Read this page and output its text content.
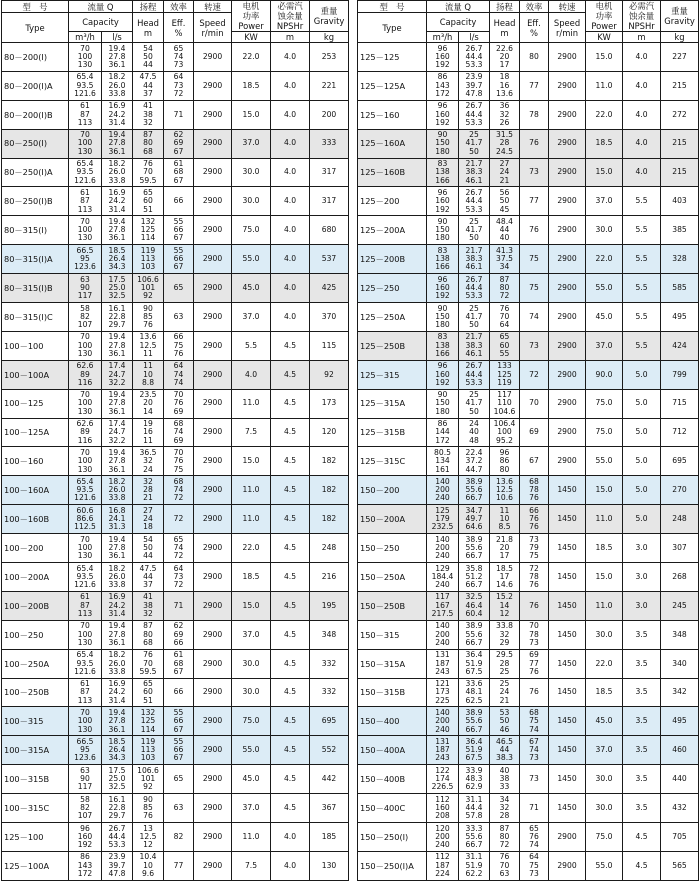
型　号	流量 Q		扬程	效率	转速	电机
功率
Power	必需汽
蚀余量
NPSHr	重量
Gravity

Type	Capacity		Head
m	Eff.
%	Speed
r/min			

	m³/h	l/s				KW	m	kg

80－200(I)	70
100
130	19.4
27.8
36.1	54
50
44	65
74
73	2900	22.0	4.0	253

80－200(I)A	65.4
93.5
121.6	18.2
26.0
33.8	47.5
44
37	64
73
72	2900	18.5	4.0	221

80－200(I)B	61
87
113	16.9
24.2
31.4	41
38
32	71	2900	15.0	4.0	200

80－250(I)	70
100
130	19.4
27.8
36.1	87
80
68	62
69
67	2900	37.0	4.0	333

80－250(I)A	65.4
93.5
121.6	18.2
26.0
33.8	76
70
59.5	61
68
67	2900	30.0	4.0	317

80－250(I)B	61
87
113	16.9
24.2
31.4	65
60
51	66	2900	30.0	4.0	317

80－315(I)	70
100
130	19.4
27.8
36.1	132
125
114	55
66
67	2900	75.0	4.0	680

80－315(I)A	66.5
95
123.6	18.5
26.4
34.3	119
113
103	55
66
67	2900	55.0	4.0	537

80－315(I)B	63
90
117	17.5
25.0
32.5	106.6
101
92	65	2900	45.0	4.0	425

80－315(I)C	58
82
107	16.1
22.8
29.7	90
85
76	63	2900	37.0	4.0	370

100－100	70
100
130	19.4
27.8
36.1	13.6
12.5
11	66
75
76	2900	5.5	4.5	115

100－100A	62.6
89
116	17.4
24.7
32.2	11
10
8.8	64
74
74	2900	4.0	4.5	92

100－125	70
100
130	19.4
27.8
36.1	23.5
20
14	70
76
69	2900	11.0	4.5	173

100－125A	62.6
89
116	17.4
24.7
32.2	19
16
11	68
74
69	2900	7.5	4.5	120

100－160	70
100
130	19.4
27.8
36.1	36.5
32
24	70
76
75	2900	15.0	4.5	182

100－160A	65.4
93.5
121.6	18.2
26.0
33.8	32
28
21	68
74
72	2900	11.0	4.5	182

100－160B	60.6
86.6
112.5	16.8
24.1
31.3	27
24
18	72	2900	11.0	4.5	182

100－200	70
100
130	19.4
27.8
36.1	54
50
44	65
74
72	2900	22.0	4.5	248

100－200A	65.4
93.5
121.6	18.2
26.0
33.8	47.5
44
37	64
73
72	2900	18.5	4.5	216

100－200B	61
87
113	16.9
24.2
31.4	41
38
32	71	2900	15.0	4.5	195

100－250	70
100
130	19.4
27.8
36.1	87
80
68	62
69
66	2900	37.0	4.5	348

100－250A	65.4
93.5
121.6	18.2
26.0
33.8	76
70
59.5	61
68
67	2900	30.0	4.5	332

100－250B	61
87
113	16.9
24.2
31.4	65
60
51	66	2900	30.0	4.5	332

100－315	70
100
130	19.4
27.8
36.1	132
125
114	55
66
67	2900	75.0	4.5	695

100－315A	66.5
95
123.6	18.5
26.4
34.3	119
113
103	55
66
67	2900	55.0	4.5	552

100－315B	63
90
117	17.5
25.0
32.5	106.6
101
92	65	2900	45.0	4.5	442

100－315C	58
82
107	16.1
22.8
29.7	90
85
76	63	2900	37.0	4.5	367

125－100	96
160
192	26.7
44.4
53.3	13
12.5
12	82	2900	11.0	4.0	185

125－100A	86
143
172	23.9
39.7
47.8	10.4
10
9.6	77	2900	7.5	4.0	130
型　号	流量 Q		扬程	效率	转速	电机
功率
Power	必需汽
蚀余量
NPSHr	重量
Gravity

Type	Capacity		Head
m	Eff.
%	Speed
r/min			

	m³/h	l/s				KW	m	kg

125－125	96
160
192	26.7
44.4
53.3	22.6
20
17	80	2900	15.0	4.0	227

125－125A	86
143
172	23.9
39.7
47.8	18
16
13.6	77	2900	11.0	4.0	215

125－160	96
160
192	26.7
44.4
53.3	36
32
26	78	2900	22.0	4.0	272

125－160A	90
150
180	25
41.7
50	31.5
28
24.5	76	2900	18.5	4.0	215

125－160B	83
138
166	21.7
38.3
46.1	27
24
21	73	2900	15.0	4.0	215

125－200	96
160
192	26.7
44.4
53.3	56
50
45	77	2900	37.0	5.5	403

125－200A	90
150
180	25
41.7
50	48.4
44
40	76	2900	30.0	5.5	385

125－200B	83
138
166	21.7
38.3
46.1	41.3
37.5
34	75	2900	22.0	5.5	328

125－250	96
160
192	26.7
44.4
53.3	87
80
72	75	2900	55.0	5.5	585

125－250A	90
150
180	25
41.7
50	76
70
64	74	2900	45.0	5.5	495

125－250B	83
138
166	21.7
38.3
46.1	65
60
55	73	2900	37.0	5.5	424

125－315	96
160
192	26.7
44.4
53.3	133
125
119	72	2900	90.0	5.0	799

125－315A	90
150
180	25
41.7
50	117
110
104.6	70	2900	75.0	5.0	715

125－315B	86
144
172	24
40
48	106.4
100
95.2	69	2900	75.0	5.0	712

125－315C	80.5
134
161	22.4
37.2
44.7	96
86
80	67	2900	55.0	5.0	695

150－200	140
200
240	38.9
55.6
66.7	13.6
12.5
10.6	68
78
76	1450	15.0	5.0	270

150－200A	125
179
232.5	34.7
49.7
64.6	11
10
8.5	66
76
76	1450	11.0	5.0	248

150－250	140
200
240	38.9
55.6
66.7	21.8
20
17	73
79
75	1450	18.5	3.0	307

150－250A	129
184.4
240	35.8
51.2
66.7	18.5
17
14.6	72
78
76	1450	15.0	3.0	268

150－250B	117
167
217.5	32.5
46.4
60.4	15.2
14
12	76	1450	11.0	3.0	245

150－315	140
200
240	38.9
55.6
66.7	33.8
32
29	70
78
73	1450	30.0	3.5	348

150－315A	131
187
243	36.4
51.9
67.5	29.5
28
25	69
77
76	1450	22.0	3.5	340

150－315B	121
173
225	33.6
48.1
62.5	25
24
21	76	1450	18.5	3.5	342

150－400	140
200
240	38.9
55.6
66.7	53
50
46	68
75
74	1450	45.0	3.5	495

150－400A	131
187
243	36.4
51.9
67.5	46.5
44
38.3	67
74
73	1450	37.0	3.5	460

150－400B	122
174
226.5	33.9
48.3
62.9	40
38
33	73	1450	30.0	3.5	440

150－400C	112
160
208	31.1
44.4
57.8	34
32
28	71	1450	30.0	3.5	432

150－250(I)	120
200
240	33.3
55.6
66.7	87
80
72	65
76
74	2900	75.0	4.5	705

150－250(I)A	112
187
224	31.1
51.9
62.2	76
70
63	64
75
73	2900	55.0	4.5	565
